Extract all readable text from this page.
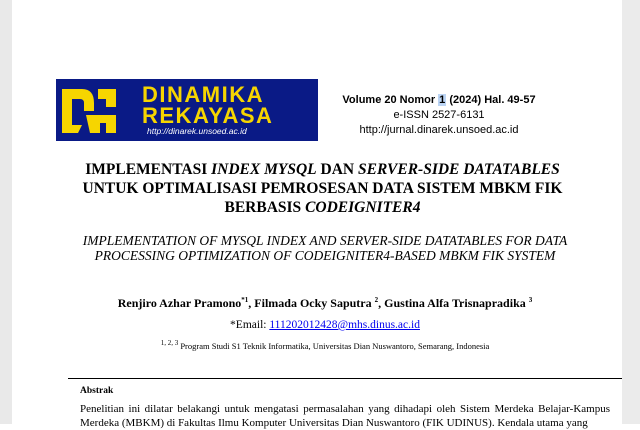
DINAMIKA
REKAYASA
http://dinarek.unsoed.ac.id
Volume 20 Nomor 1 (2024) Hal. 49-57
e-ISSN 2527-6131
http://jurnal.dinarek.unsoed.ac.id
IMPLEMENTASI INDEX MYSQL DAN SERVER-SIDE DATATABLES UNTUK OPTIMALISASI PEMROSESAN DATA SISTEM MBKM FIK BERBASIS CODEIGNITER4
IMPLEMENTATION OF MYSQL INDEX AND SERVER-SIDE DATATABLES FOR DATA PROCESSING OPTIMIZATION OF CODEIGNITER4-BASED MBKM FIK SYSTEM
Renjiro Azhar Pramono$^{*1}$, Filmada Ocky Saputra $^2$, Gustina Alfa Trisnapradika $^3$
*Email: 111202012428@mhs.dinus.ac.id
$^{1, 2, 3}$ Program Studi S1 Teknik Informatika, Universitas Dian Nuswantoro, Semarang, Indonesia
Abstrak
Penelitian ini dilatar belakangi untuk mengatasi permasalahan yang dihadapi oleh Sistem Merdeka Belajar-Kampus Merdeka (MBKM) di Fakultas Ilmu Komputer Universitas Dian Nuswantoro (FIK UDINUS). Kendala utama yang
